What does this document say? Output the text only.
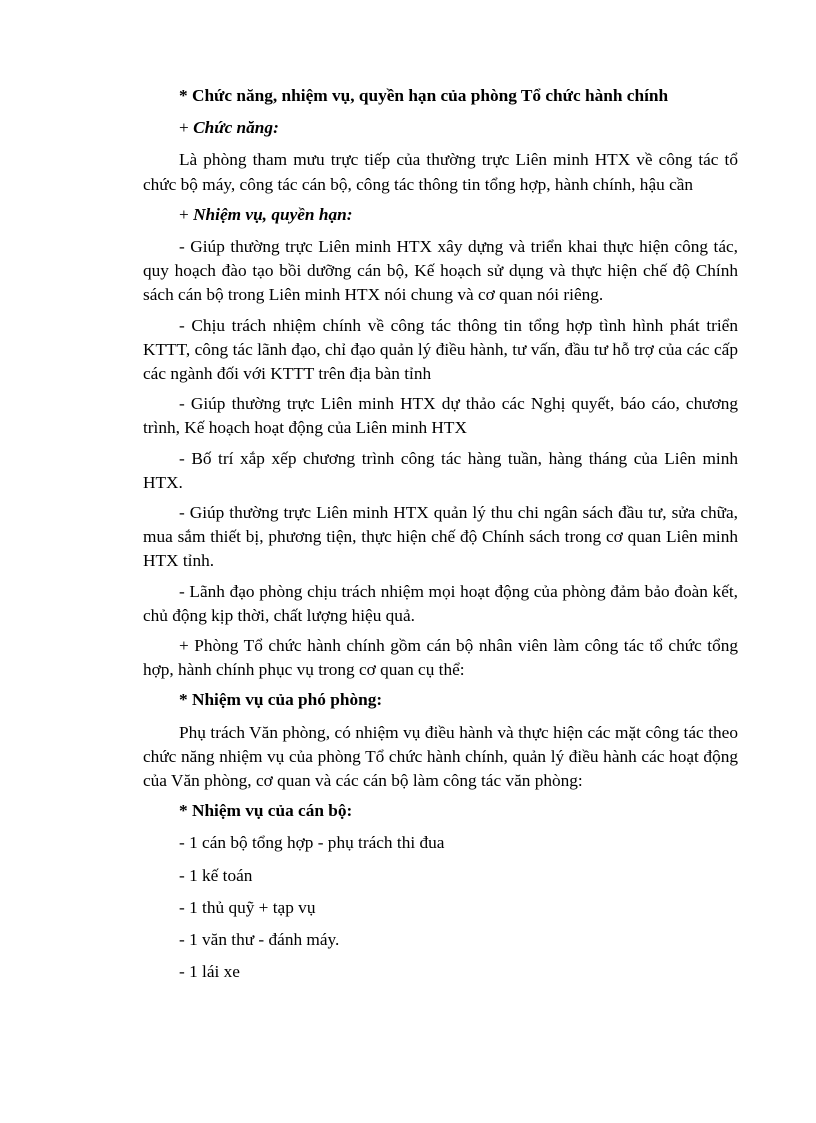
* Chức năng, nhiệm vụ, quyền hạn của phòng Tổ chức hành chính

+ Chức năng:

Là phòng tham mưu trực tiếp của thường trực Liên minh HTX về công tác tổ chức bộ máy, công tác cán bộ, công tác thông tin tổng hợp, hành chính, hậu cần

+ Nhiệm vụ, quyền hạn:

- Giúp thường trực Liên minh HTX xây dựng và triển khai thực hiện công tác, quy hoạch đào tạo bồi dưỡng cán bộ, Kế hoạch sử dụng và thực hiện chế độ Chính sách cán bộ trong Liên minh HTX nói chung và cơ quan nói riêng.

- Chịu trách nhiệm chính về công tác thông tin tổng hợp tình hình phát triển KTTT, công tác lãnh đạo, chỉ đạo quản lý điều hành, tư vấn, đầu tư hỗ trợ của các cấp các ngành đối với KTTT trên địa bàn tỉnh

- Giúp thường trực Liên minh HTX dự thảo các Nghị quyết, báo cáo, chương trình, Kế hoạch hoạt động của Liên minh HTX

- Bố trí xắp xếp chương trình công tác hàng tuần, hàng tháng của Liên minh HTX.

- Giúp thường trực Liên minh HTX quản lý thu chi ngân sách đầu tư, sửa chữa, mua sắm thiết bị, phương tiện, thực hiện chế độ Chính sách trong cơ quan Liên minh HTX tỉnh.

- Lãnh đạo phòng chịu trách nhiệm mọi hoạt động của phòng đảm bảo đoàn kết, chủ động kịp thời, chất lượng hiệu quả.

+ Phòng Tổ chức hành chính gồm cán bộ nhân viên làm công tác tổ chức tổng hợp, hành chính phục vụ trong cơ quan cụ thể:

* Nhiệm vụ của phó phòng:

Phụ trách Văn phòng, có nhiệm vụ điều hành và thực hiện các mặt công tác theo chức năng nhiệm vụ của phòng Tổ chức hành chính, quản lý điều hành các hoạt động của Văn phòng, cơ quan và các cán bộ làm công tác văn phòng:

* Nhiệm vụ của cán bộ:

- 1 cán bộ tổng hợp - phụ trách thi đua

- 1 kế toán

- 1 thủ quỹ + tạp vụ

- 1 văn thư - đánh máy.

- 1 lái xe
